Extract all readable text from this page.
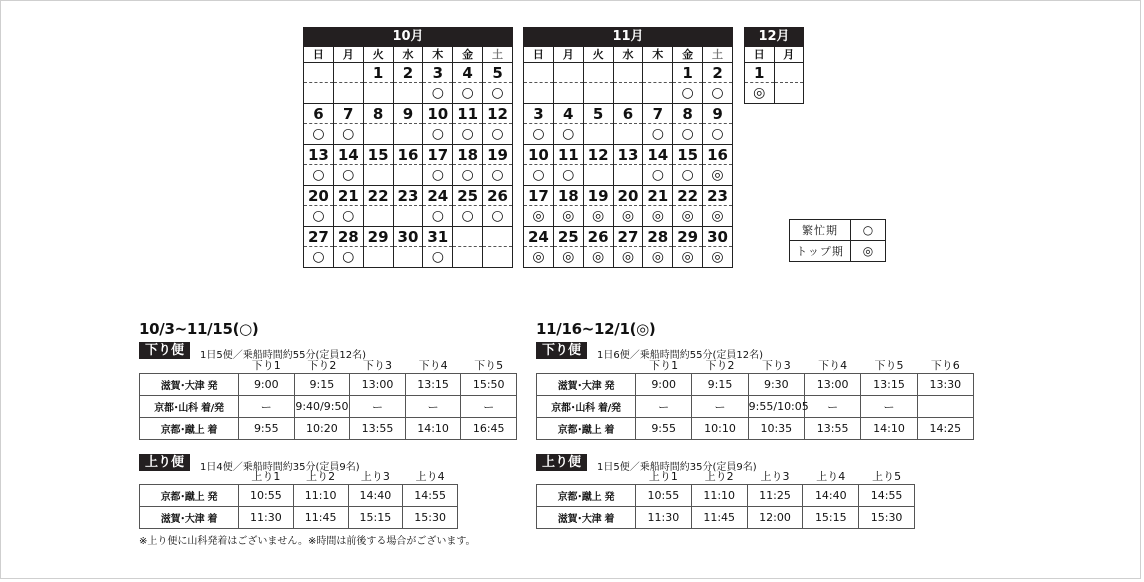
10月						
日	月	火	水	木	金	土
		1	2	3	4	5
				○	○	○
6	7	8	9	10	11	12
○	○			○	○	○
13	14	15	16	17	18	19
○	○			○	○	○
20	21	22	23	24	25	26
○	○			○	○	○
27	28	29	30	31		
○	○			○		
11月						
日	月	火	水	木	金	土
					1	2
					○	○
3	4	5	6	7	8	9
○	○			○	○	○
10	11	12	13	14	15	16
○	○			○	○	◎
17	18	19	20	21	22	23
◎	◎	◎	◎	◎	◎	◎
24	25	26	27	28	29	30
◎	◎	◎	◎	◎	◎	◎
12月	
日	月
1	
◎	
繁忙期	○
トップ期	◎
10/3~11/15(○)
下り便	1日5便／乗船時間約55分(定員12名)
	下り1	下り2	下り3	下り4	下り5
滋賀･大津 発	9:00	9:15	13:00	13:15	15:50
京都･山科 着/発	ー	9:40/9:50	ー	ー	ー
京都･蹴上 着	9:55	10:20	13:55	14:10	16:45
上り便	1日4便／乗船時間約35分(定員9名)
	上り1	上り2	上り3	上り4
京都･蹴上 発	10:55	11:10	14:40	14:55
滋賀･大津 着	11:30	11:45	15:15	15:30
11/16~12/1(◎)
下り便	1日6便／乗船時間約55分(定員12名)
	下り1	下り2	下り3	下り4	下り5	下り6
滋賀･大津 発	9:00	9:15	9:30	13:00	13:15	13:30
京都･山科 着/発	ー	ー	9:55/10:05	ー	ー	
京都･蹴上 着	9:55	10:10	10:35	13:55	14:10	14:25
上り便	1日5便／乗船時間約35分(定員9名)
	上り1	上り2	上り3	上り4	上り5
京都･蹴上 発	10:55	11:10	11:25	14:40	14:55
滋賀･大津 着	11:30	11:45	12:00	15:15	15:30
※上り便に山科発着はございません。※時間は前後する場合がございます。
